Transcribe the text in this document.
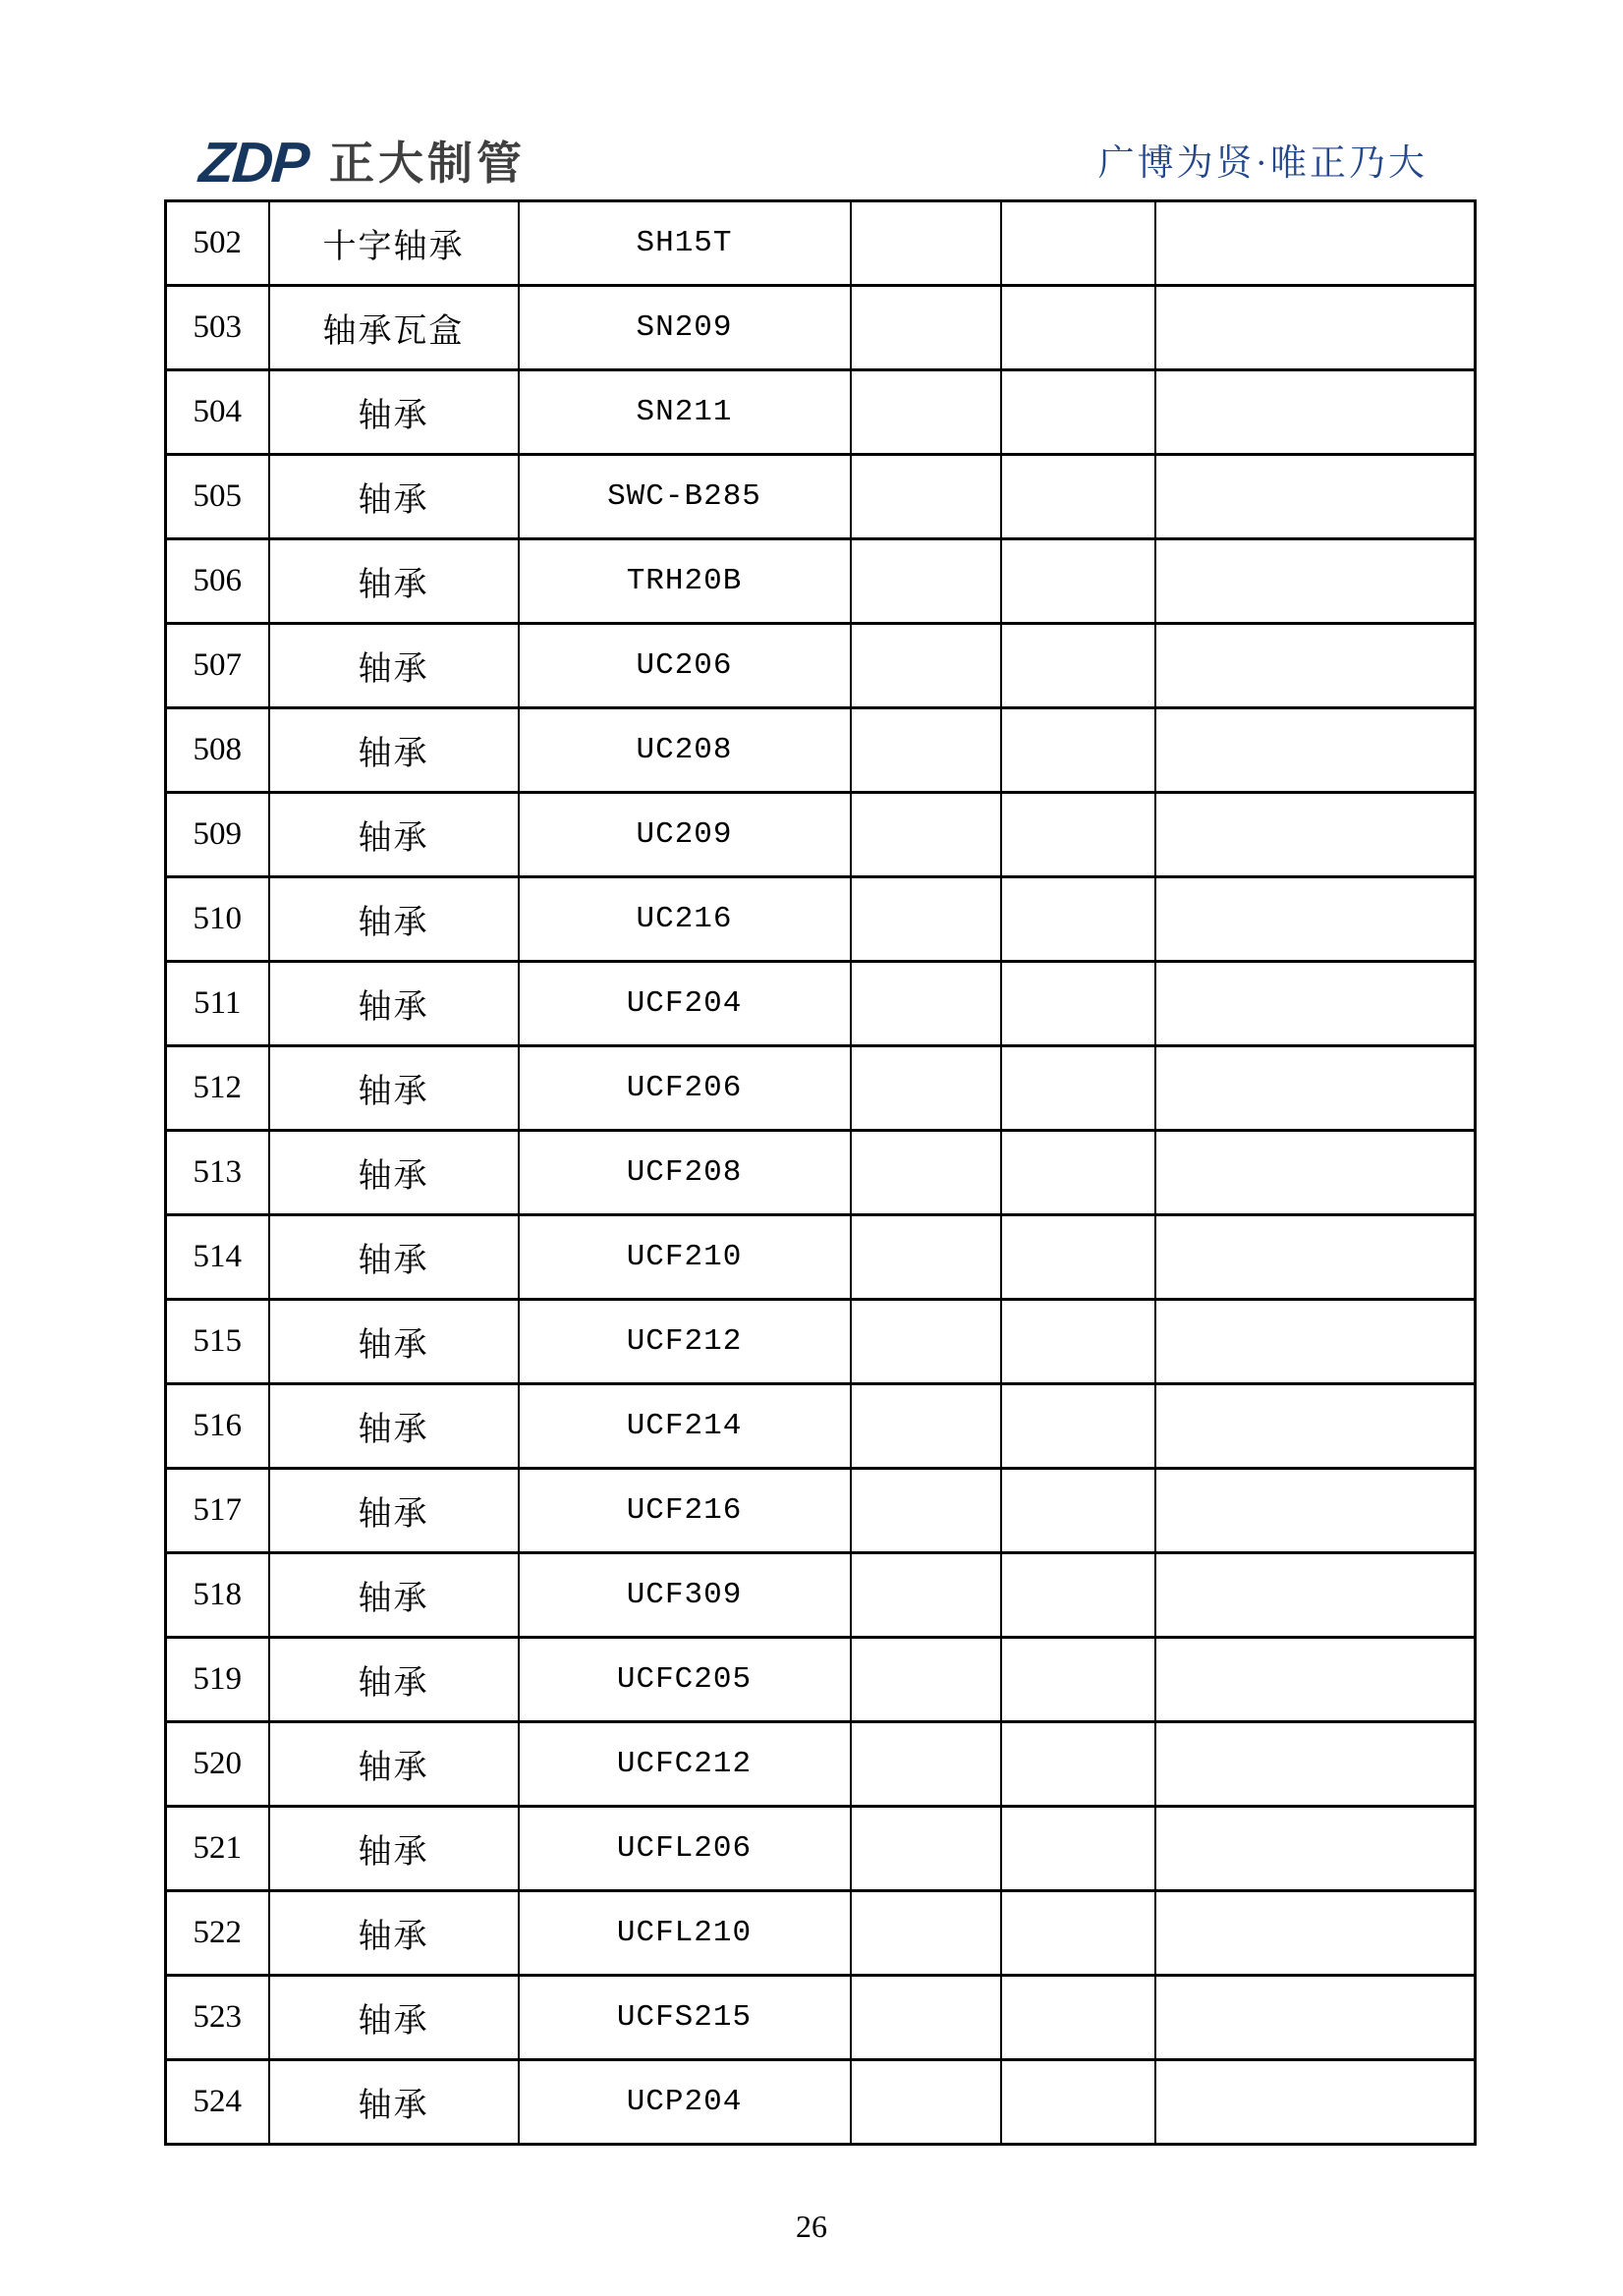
ZDP 正大制管	广博为贤·唯正乃大
502	十字轴承	SH15T			
503	轴承瓦盒	SN209			
504	轴承	SN211			
505	轴承	SWC-B285			
506	轴承	TRH20B			
507	轴承	UC206			
508	轴承	UC208			
509	轴承	UC209			
510	轴承	UC216			
511	轴承	UCF204			
512	轴承	UCF206			
513	轴承	UCF208			
514	轴承	UCF210			
515	轴承	UCF212			
516	轴承	UCF214			
517	轴承	UCF216			
518	轴承	UCF309			
519	轴承	UCFC205			
520	轴承	UCFC212			
521	轴承	UCFL206			
522	轴承	UCFL210			
523	轴承	UCFS215			
524	轴承	UCP204			
26
